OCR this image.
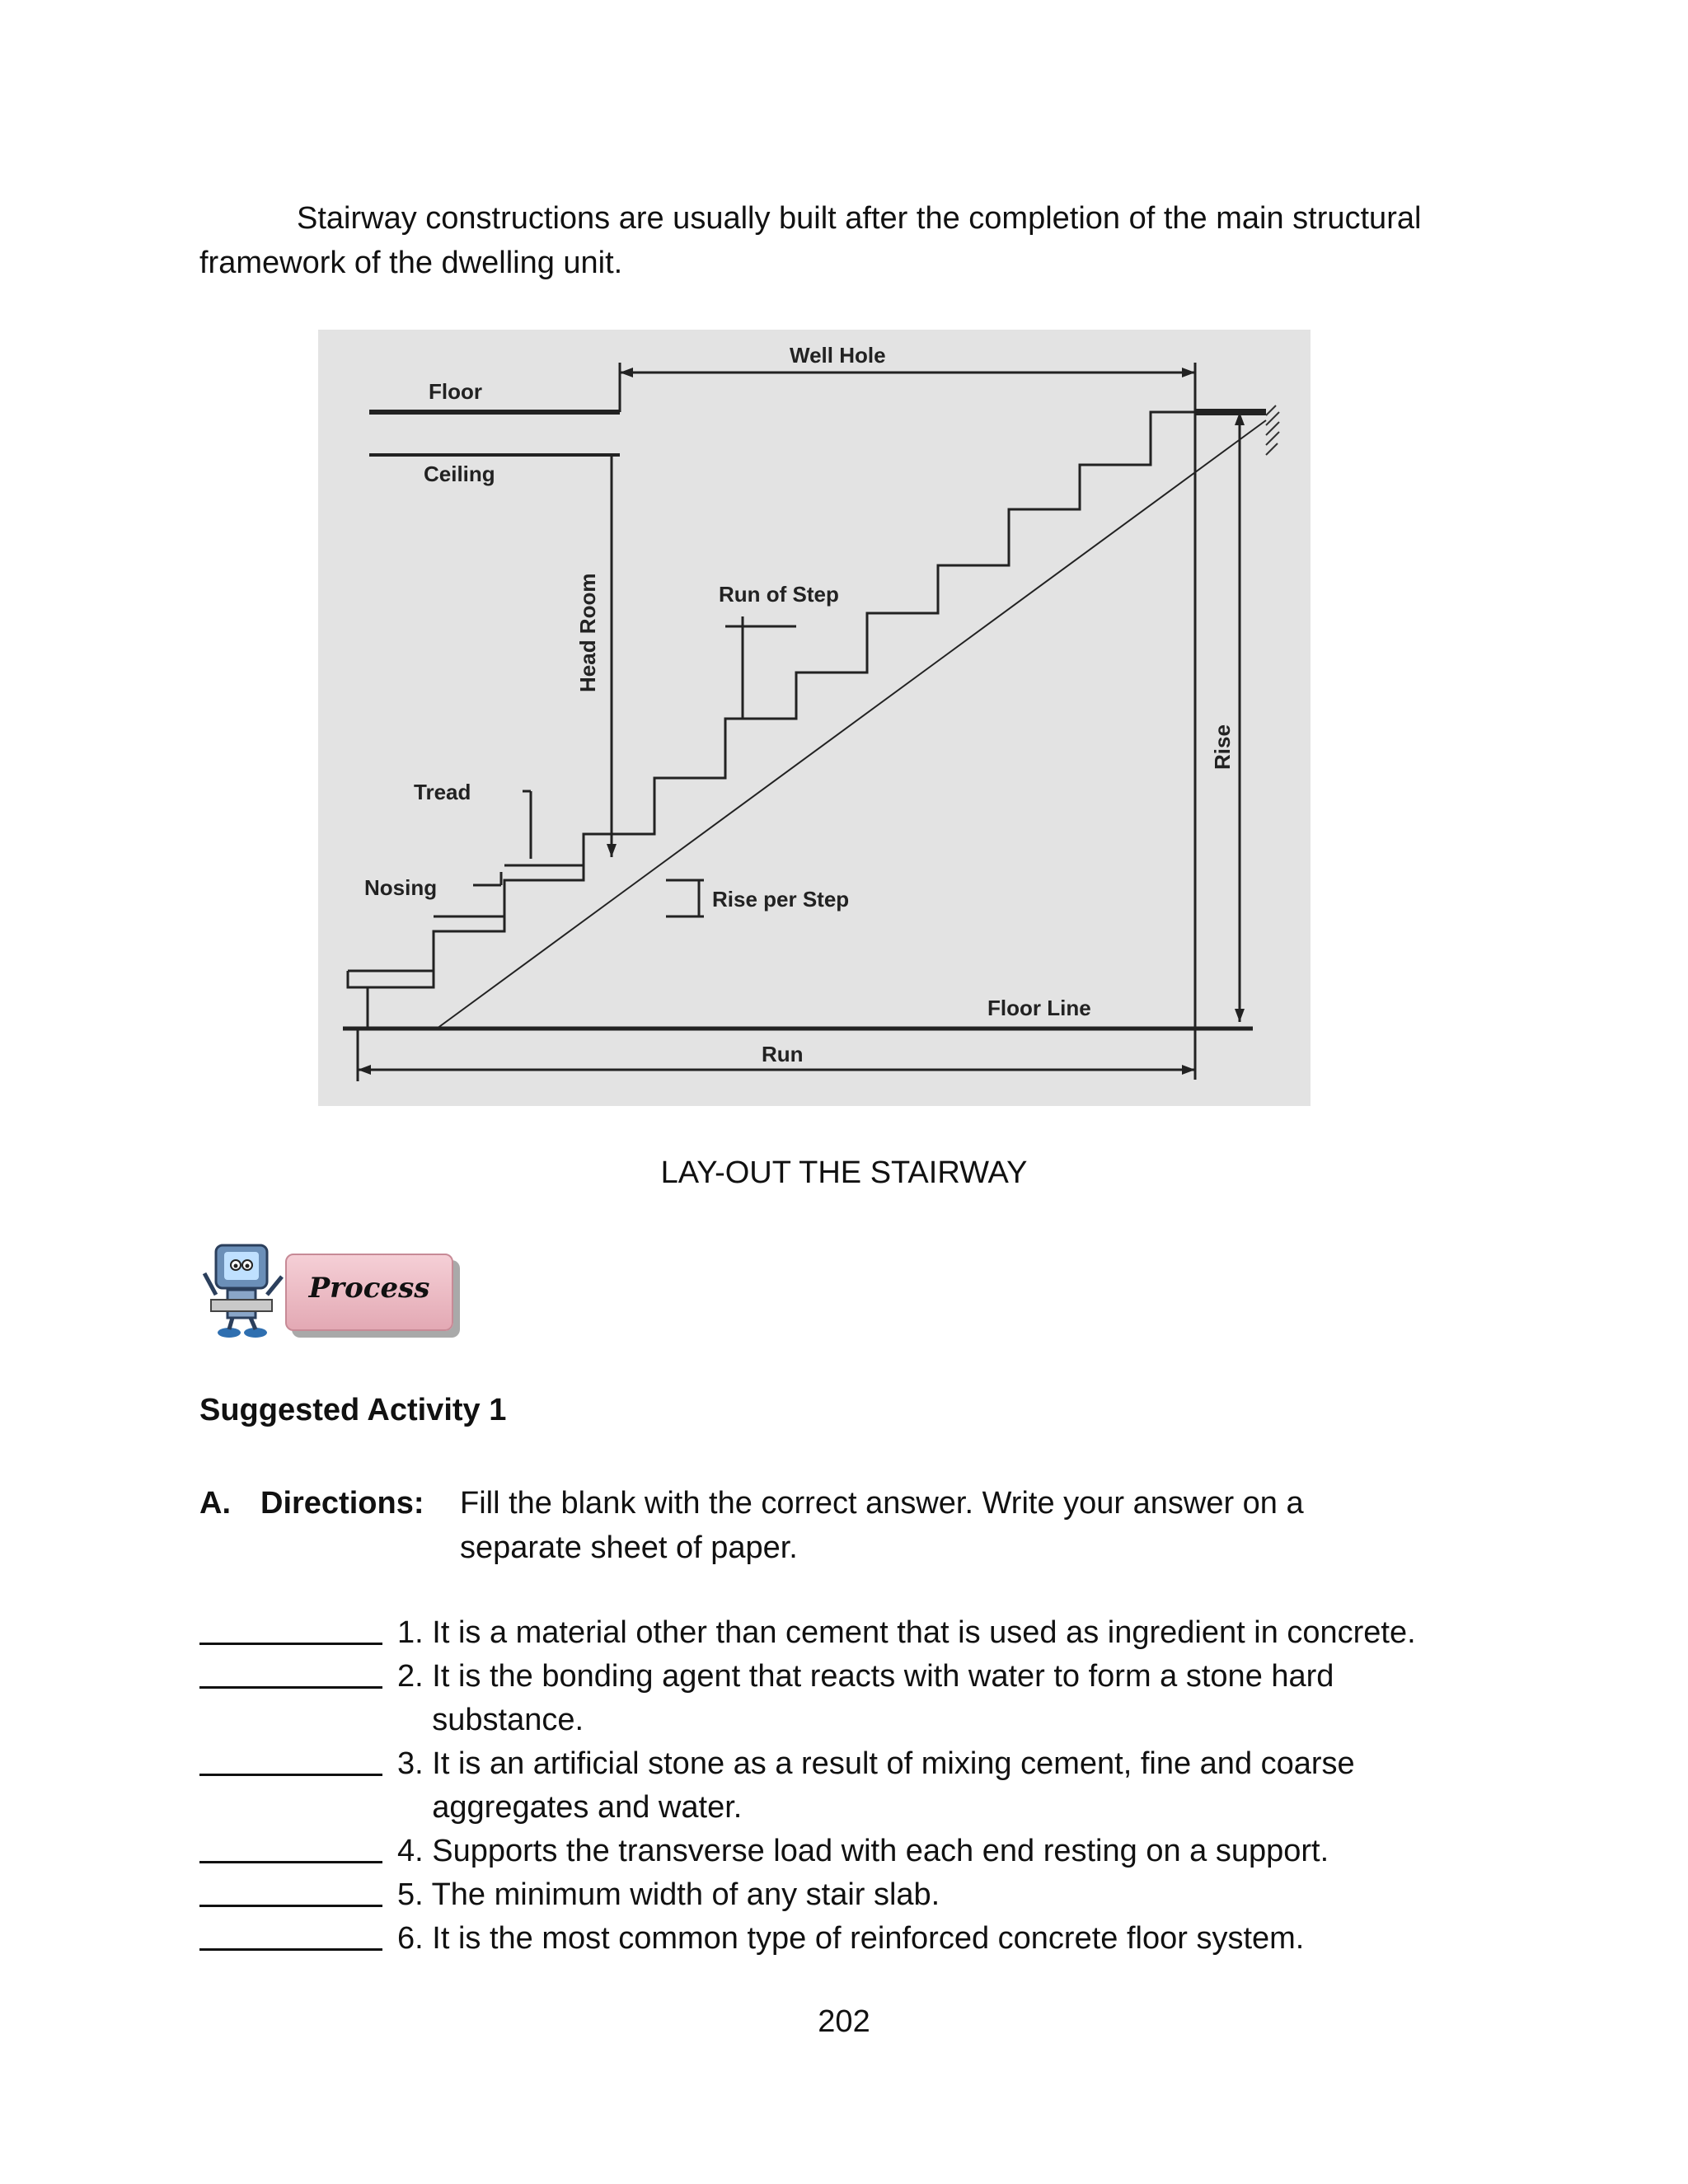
Stairway constructions are usually built after the completion of the main structural framework of the dwelling unit.

Well Hole
Floor
Ceiling
Head Room	Run of Step
Tread
Nosing	Rise per Step
Rise
Floor Line
Run
LAY-OUT THE STAIRWAY
Process
Suggested Activity 1
A. Directions: Fill the blank with the correct answer. Write your answer on a separate sheet of paper.
1. It is a material other than cement that is used as ingredient in concrete.
2. It is the bonding agent that reacts with water to form a stone hard substance.
3. It is an artificial stone as a result of mixing cement, fine and coarse aggregates and water.
4. Supports the transverse load with each end resting on a support.
5. The minimum width of any stair slab.
6. It is the most common type of reinforced concrete floor system.
202
